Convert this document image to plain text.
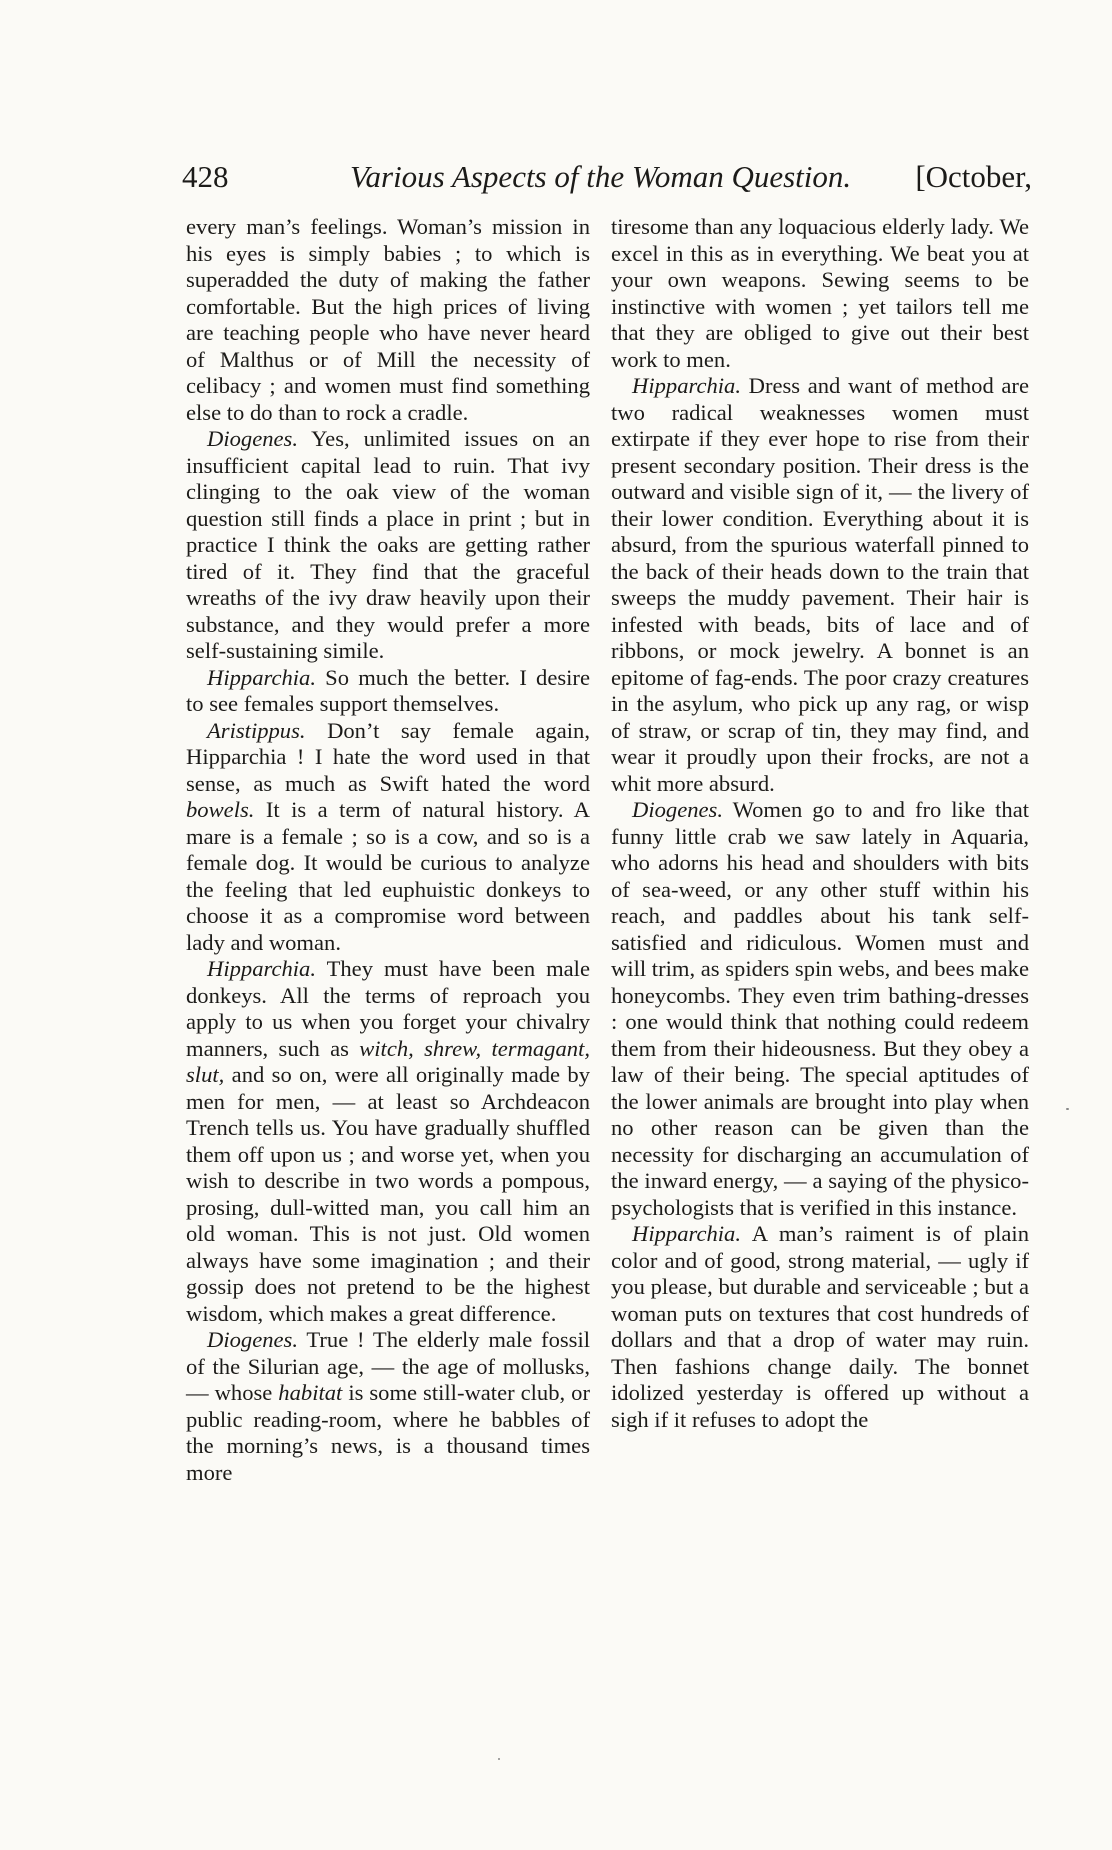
428	Various Aspects of the Woman Question. [October,

every man’s feelings. Woman’s mission in his eyes is simply babies ; to which is superadded the duty of making the father comfortable. But the high prices of living are teaching people who have never heard of Malthus or of Mill the necessity of celibacy ; and women must find something else to do than to rock a cradle.

Diogenes. Yes, unlimited issues on an insufficient capital lead to ruin. That ivy clinging to the oak view of the woman question still finds a place in print ; but in practice I think the oaks are getting rather tired of it. They find that the graceful wreaths of the ivy draw heavily upon their substance, and they would prefer a more self-sustaining simile.

Hipparchia. So much the better. I desire to see females support themselves.

Aristippus. Don’t say female again, Hipparchia ! I hate the word used in that sense, as much as Swift hated the word bowels. It is a term of natural history. A mare is a female ; so is a cow, and so is a female dog. It would be curious to analyze the feeling that led euphuistic donkeys to choose it as a compromise word between lady and woman.

Hipparchia. They must have been male donkeys. All the terms of reproach you apply to us when you forget your chivalry manners, such as witch, shrew, termagant, slut, and so on, were all originally made by men for men, — at least so Archdeacon Trench tells us. You have gradually shuffled them off upon us ; and worse yet, when you wish to describe in two words a pompous, prosing, dull-witted man, you call him an old woman. This is not just. Old women always have some imagination ; and their gossip does not pretend to be the highest wisdom, which makes a great difference.

Diogenes. True ! The elderly male fossil of the Silurian age, — the age of mollusks, — whose habitat is some still-water club, or public reading-room, where he babbles of the morning’s news, is a thousand times more

tiresome than any loquacious elderly lady. We excel in this as in everything. We beat you at your own weapons. Sewing seems to be instinctive with women ; yet tailors tell me that they are obliged to give out their best work to men.

Hipparchia. Dress and want of method are two radical weaknesses women must extirpate if they ever hope to rise from their present secondary position. Their dress is the outward and visible sign of it, — the livery of their lower condition. Everything about it is absurd, from the spurious waterfall pinned to the back of their heads down to the train that sweeps the muddy pavement. Their hair is infested with beads, bits of lace and of ribbons, or mock jewelry. A bonnet is an epitome of fag-ends. The poor crazy creatures in the asylum, who pick up any rag, or wisp of straw, or scrap of tin, they may find, and wear it proudly upon their frocks, are not a whit more absurd.

Diogenes. Women go to and fro like that funny little crab we saw lately in Aquaria, who adorns his head and shoulders with bits of sea-weed, or any other stuff within his reach, and paddles about his tank self-satisfied and ridiculous. Women must and will trim, as spiders spin webs, and bees make honeycombs. They even trim bathing-dresses : one would think that nothing could redeem them from their hideousness. But they obey a law of their being. The special aptitudes of the lower animals are brought into play when no other reason can be given than the necessity for discharging an accumulation of the inward energy, — a saying of the physico-psychologists that is verified in this instance.

Hipparchia. A man’s raiment is of plain color and of good, strong material, — ugly if you please, but durable and serviceable ; but a woman puts on textures that cost hundreds of dollars and that a drop of water may ruin. Then fashions change daily. The bonnet idolized yesterday is offered up without a sigh if it refuses to adopt the
